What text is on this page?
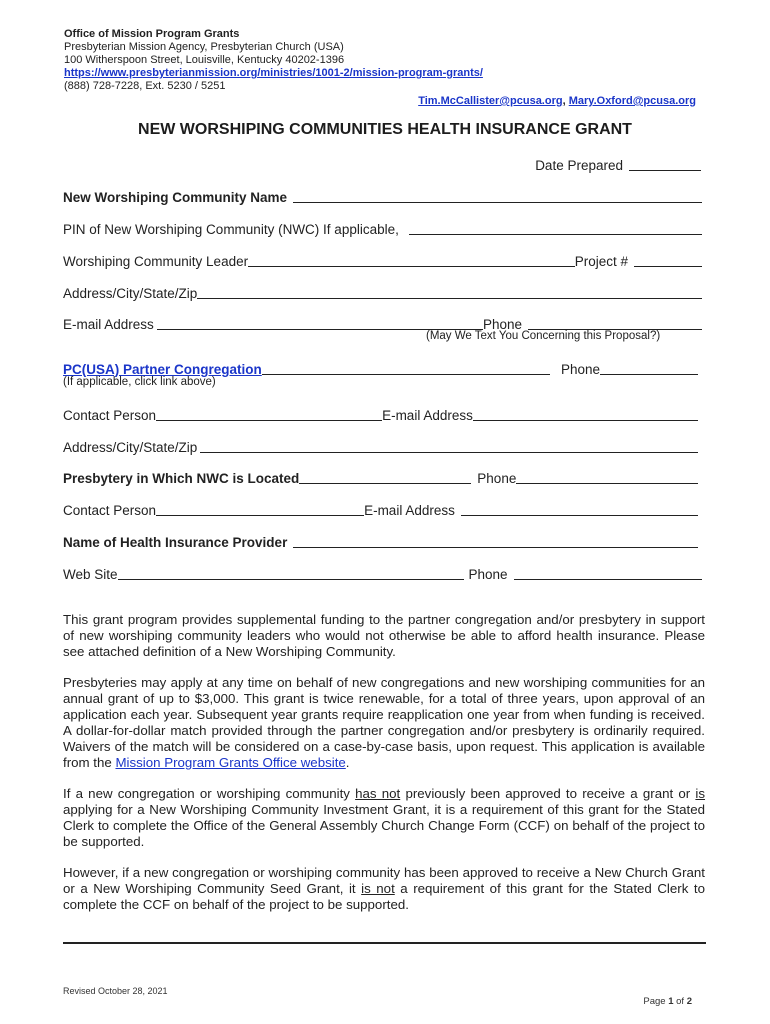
Office of Mission Program Grants
Presbyterian Mission Agency, Presbyterian Church (USA)
100 Witherspoon Street, Louisville, Kentucky 40202-1396
https://www.presbyterianmission.org/ministries/1001-2/mission-program-grants/
(888) 728-7228, Ext. 5230 / 5251
Tim.McCallister@pcusa.org, Mary.Oxford@pcusa.org
NEW WORSHIPING COMMUNITIES HEALTH INSURANCE GRANT
Date Prepared
New Worshiping Community Name
PIN of New Worshiping Community (NWC) If applicable,
Worshiping Community Leader	Project #
Address/City/State/Zip
E-mail Address	Phone
(May We Text You Concerning this Proposal?)
PC(USA) Partner Congregation	Phone
(If applicable, click link above)
Contact Person	E-mail Address
Address/City/State/Zip
Presbytery in Which NWC is Located	Phone
Contact Person	E-mail Address
Name of Health Insurance Provider
Web Site	Phone
This grant program provides supplemental funding to the partner congregation and/or presbytery in support of new worshiping community leaders who would not otherwise be able to afford health insurance. Please see attached definition of a New Worshiping Community.
Presbyteries may apply at any time on behalf of new congregations and new worshiping communities for an annual grant of up to $3,000. This grant is twice renewable, for a total of three years, upon approval of an application each year. Subsequent year grants require reapplication one year from when funding is received. A dollar-for-dollar match provided through the partner congregation and/or presbytery is ordinarily required. Waivers of the match will be considered on a case-by-case basis, upon request. This application is available from the Mission Program Grants Office website.
If a new congregation or worshiping community has not previously been approved to receive a grant or is applying for a New Worshiping Community Investment Grant, it is a requirement of this grant for the Stated Clerk to complete the Office of the General Assembly Church Change Form (CCF) on behalf of the project to be supported.
However, if a new congregation or worshiping community has been approved to receive a New Church Grant or a New Worshiping Community Seed Grant, it is not a requirement of this grant for the Stated Clerk to complete the CCF on behalf of the project to be supported.
Revised October 28, 2021
Page 1 of 2
